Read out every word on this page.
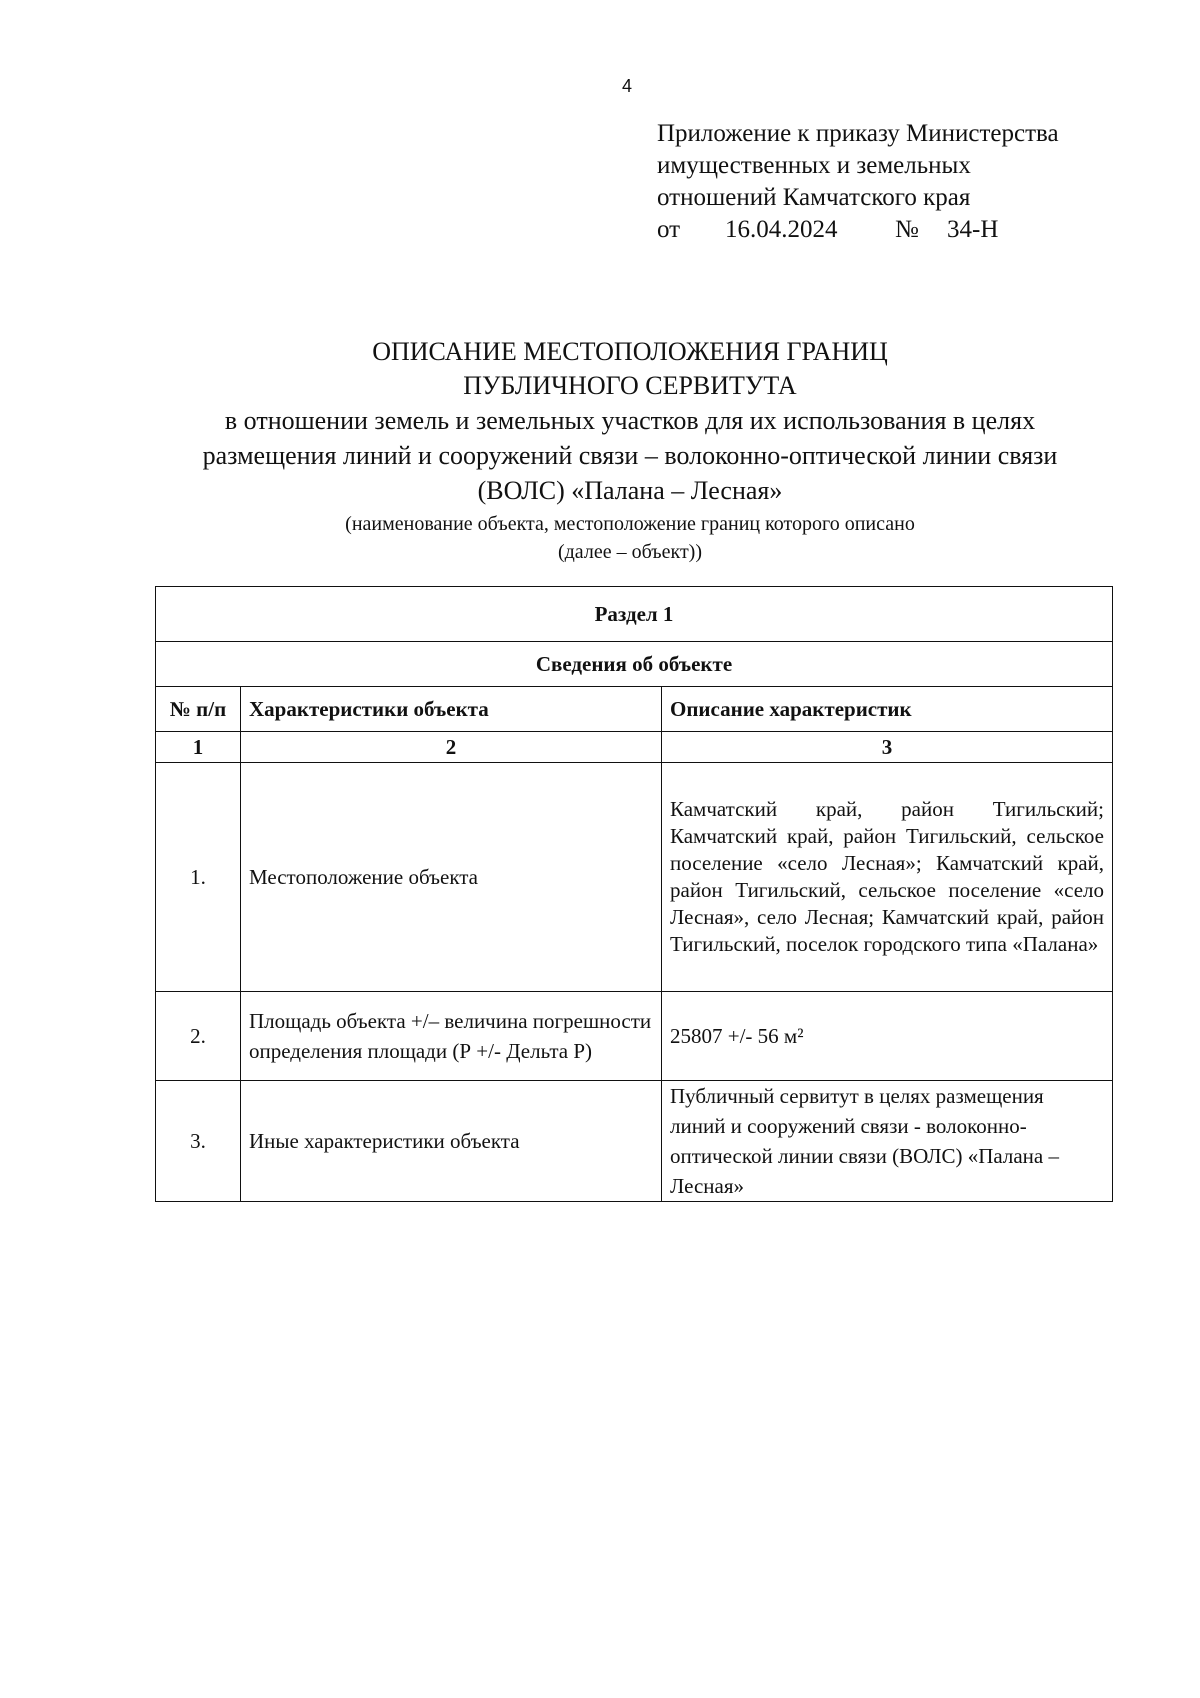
4
Приложение к приказу Министерства
имущественных и земельных
отношений Камчатского края
от 16.04.2024 № 34-Н
ОПИСАНИЕ МЕСТОПОЛОЖЕНИЯ ГРАНИЦ
ПУБЛИЧНОГО СЕРВИТУТА
в отношении земель и земельных участков для их использования в целях
размещения линий и сооружений связи – волоконно-оптической линии связи
(ВОЛС) «Палана – Лесная»
(наименование объекта, местоположение границ которого описано
(далее – объект))
Раздел 1		
Сведения об объекте		
№ п/п	Характеристики объекта	Описание характеристик
1	2	3
1.	Местоположение объекта	Камчатский край, район Тигильский; Камчатский край, район Тигильский, сельское поселение «село Лесная»; Камчатский край, район Тигильский, сельское поселение «село Лесная», село Лесная; Камчатский край, район Тигильский, поселок городского типа «Палана»
2.	Площадь объекта +/– величина погрешности определения площади (Р +/- Дельта Р)	25807 +/- 56 м²
3.	Иные характеристики объекта	Публичный сервитут в целях размещения линий и сооружений связи - волоконно-оптической линии связи (ВОЛС) «Палана – Лесная»
